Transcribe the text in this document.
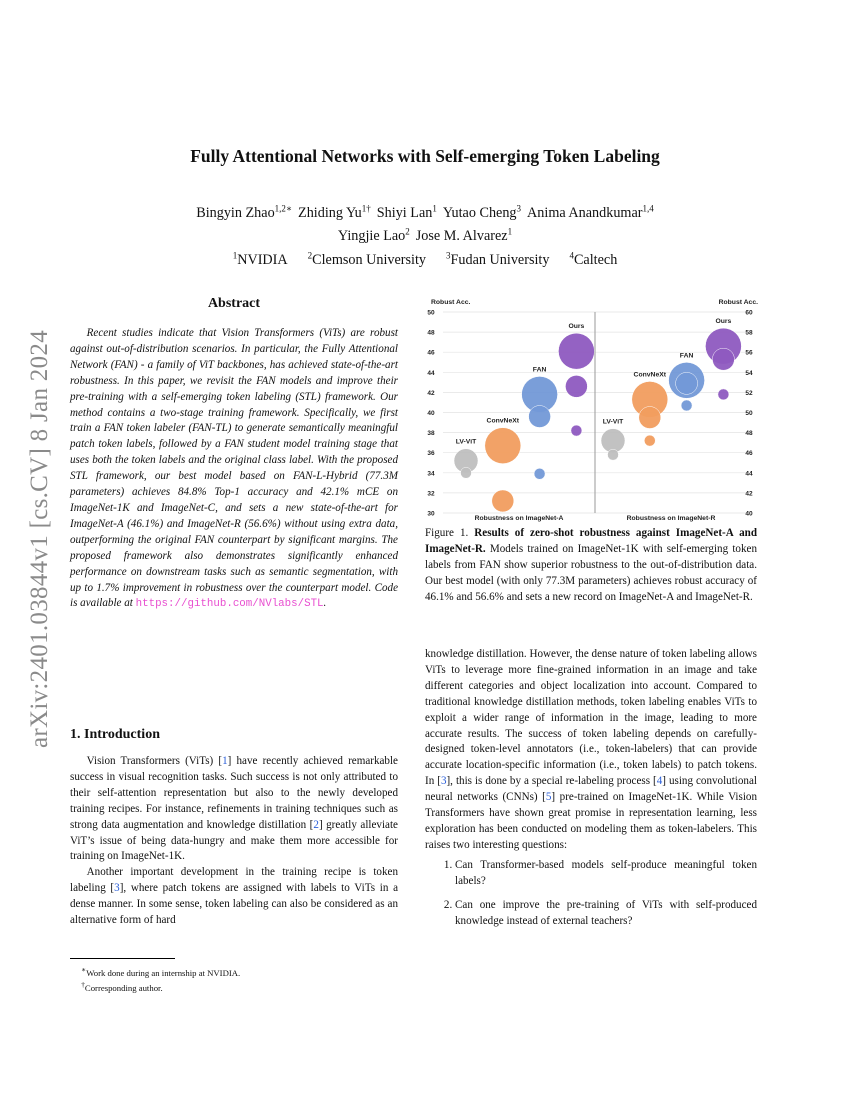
Fully Attentional Networks with Self-emerging Token Labeling
Bingyin Zhao$^{1,2∗}$ Zhiding $Yu^{1\dagger}$ Shiyi Lan$^1$ Yutao Cheng$^3$ Anima Anandkumar$^{1,4}$
Yingjie Lao$^2$ Jose M. Alvarez$^1$
$^1$NVIDIA $^2$Clemson University $^3$Fudan University $^4$Caltech
arXiv:2401.03844v1 [cs.CV] 8 Jan 2024
Abstract

Recent studies indicate that Vision Transformers (ViTs) are robust against out-of-distribution scenarios. In particular, the Fully Attentional Network (FAN) - a family of ViT backbones, has achieved state-of-the-art robustness. In this paper, we revisit the FAN models and improve their pre-training with a self-emerging token labeling (STL) framework. Our method contains a two-stage training framework. Specifically, we first train a FAN token labeler (FAN-TL) to generate semantically meaningful patch token labels, followed by a FAN student model training stage that uses both the token labels and the original class label. With the proposed STL framework, our best model based on FAN-L-Hybrid (77.3M parameters) achieves 84.8% Top-1 accuracy and 42.1% mCE on ImageNet-1K and ImageNet-C, and sets a new state-of-the-art for ImageNet-A (46.1%) and ImageNet-R (56.6%) without using extra data, outperforming the original FAN counterpart by significant margins. The proposed framework also demonstrates significantly enhanced performance on downstream tasks such as semantic segmentation, with up to 1.7% improvement in robustness over the counterpart model. Code is available at https://github.com/NVlabs/STL.

1. Introduction

Vision Transformers (ViTs) [1] have recently achieved remarkable success in visual recognition tasks. Such success is not only attributed to their self-attention representation but also to the newly developed training recipes. For instance, refinements in training techniques such as strong data augmentation and knowledge distillation [2] greatly alleviate ViT’s issue of being data-hungry and make them more accessible for training on ImageNet-1K.

Another important development in the training recipe is token labeling [3], where patch tokens are assigned with labels to ViTs in a dense manner. In some sense, token labeling can also be considered as an alternative form of hard

∗Work done during an internship at NVIDIA.
†Corresponding author.
30
32
34
36
38
40
42
44
46
48
50
Robust Acc.
Robustness on ImageNet-A
LV-ViT
ConvNeXt
FAN
Ours
40
42
44
46
48
50
52
54
56
58
60
Robust Acc.
Robustness on ImageNet-R
LV-ViT
ConvNeXt
FAN
Ours
Figure 1. Results of zero-shot robustness against ImageNet-A and ImageNet-R. Models trained on ImageNet-1K with self-emerging token labels from FAN show superior robustness to the out-of-distribution data. Our best model (with only 77.3M parameters) achieves robust accuracy of 46.1% and 56.6% and sets a new record on ImageNet-A and ImageNet-R.

knowledge distillation. However, the dense nature of token labeling allows ViTs to leverage more fine-grained information in an image and take different categories and object localization into account. Compared to traditional knowledge distillation methods, token labeling enables ViTs to exploit a wider range of information in the image, leading to more accurate results. The success of token labeling depends on carefully-designed token-level annotators (i.e., token-labelers) that can provide accurate location-specific information (i.e., token labels) to patch tokens. In [3], this is done by a special re-labeling process [4] using convolutional neural networks (CNNs) [5] pre-trained on ImageNet-1K. While Vision Transformers have shown great promise in representation learning, less exploration has been conducted on modeling them as token-labelers. This raises two interesting questions:

1. Can Transformer-based models self-produce meaningful token labels?
2. Can one improve the pre-training of ViTs with self-produced knowledge instead of external teachers?
